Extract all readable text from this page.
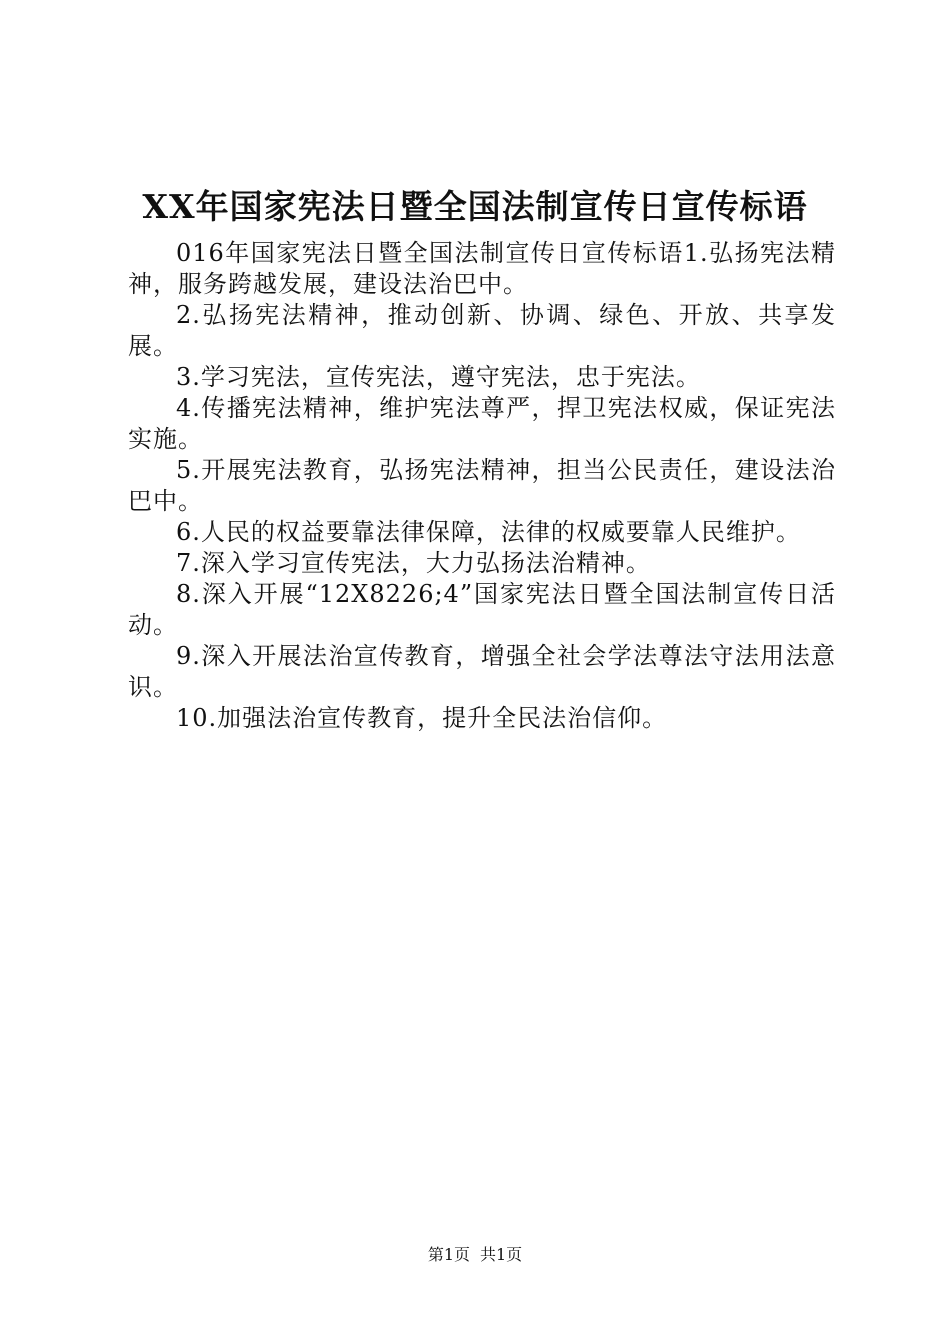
XX年国家宪法日暨全国法制宣传日宣传标语

016年国家宪法日暨全国法制宣传日宣传标语1.弘扬宪法精神，服务跨越发展，建设法治巴中。

2.弘扬宪法精神，推动创新、协调、绿色、开放、共享发展。

3.学习宪法，宣传宪法，遵守宪法，忠于宪法。

4.传播宪法精神，维护宪法尊严，捍卫宪法权威，保证宪法实施。

5.开展宪法教育，弘扬宪法精神，担当公民责任，建设法治巴中。

6.人民的权益要靠法律保障，法律的权威要靠人民维护。

7.深入学习宣传宪法，大力弘扬法治精神。

8.深入开展“12X8226;4”国家宪法日暨全国法制宣传日活动。

9.深入开展法治宣传教育，增强全社会学法尊法守法用法意识。

10.加强法治宣传教育，提升全民法治信仰。

第1页 共1页
